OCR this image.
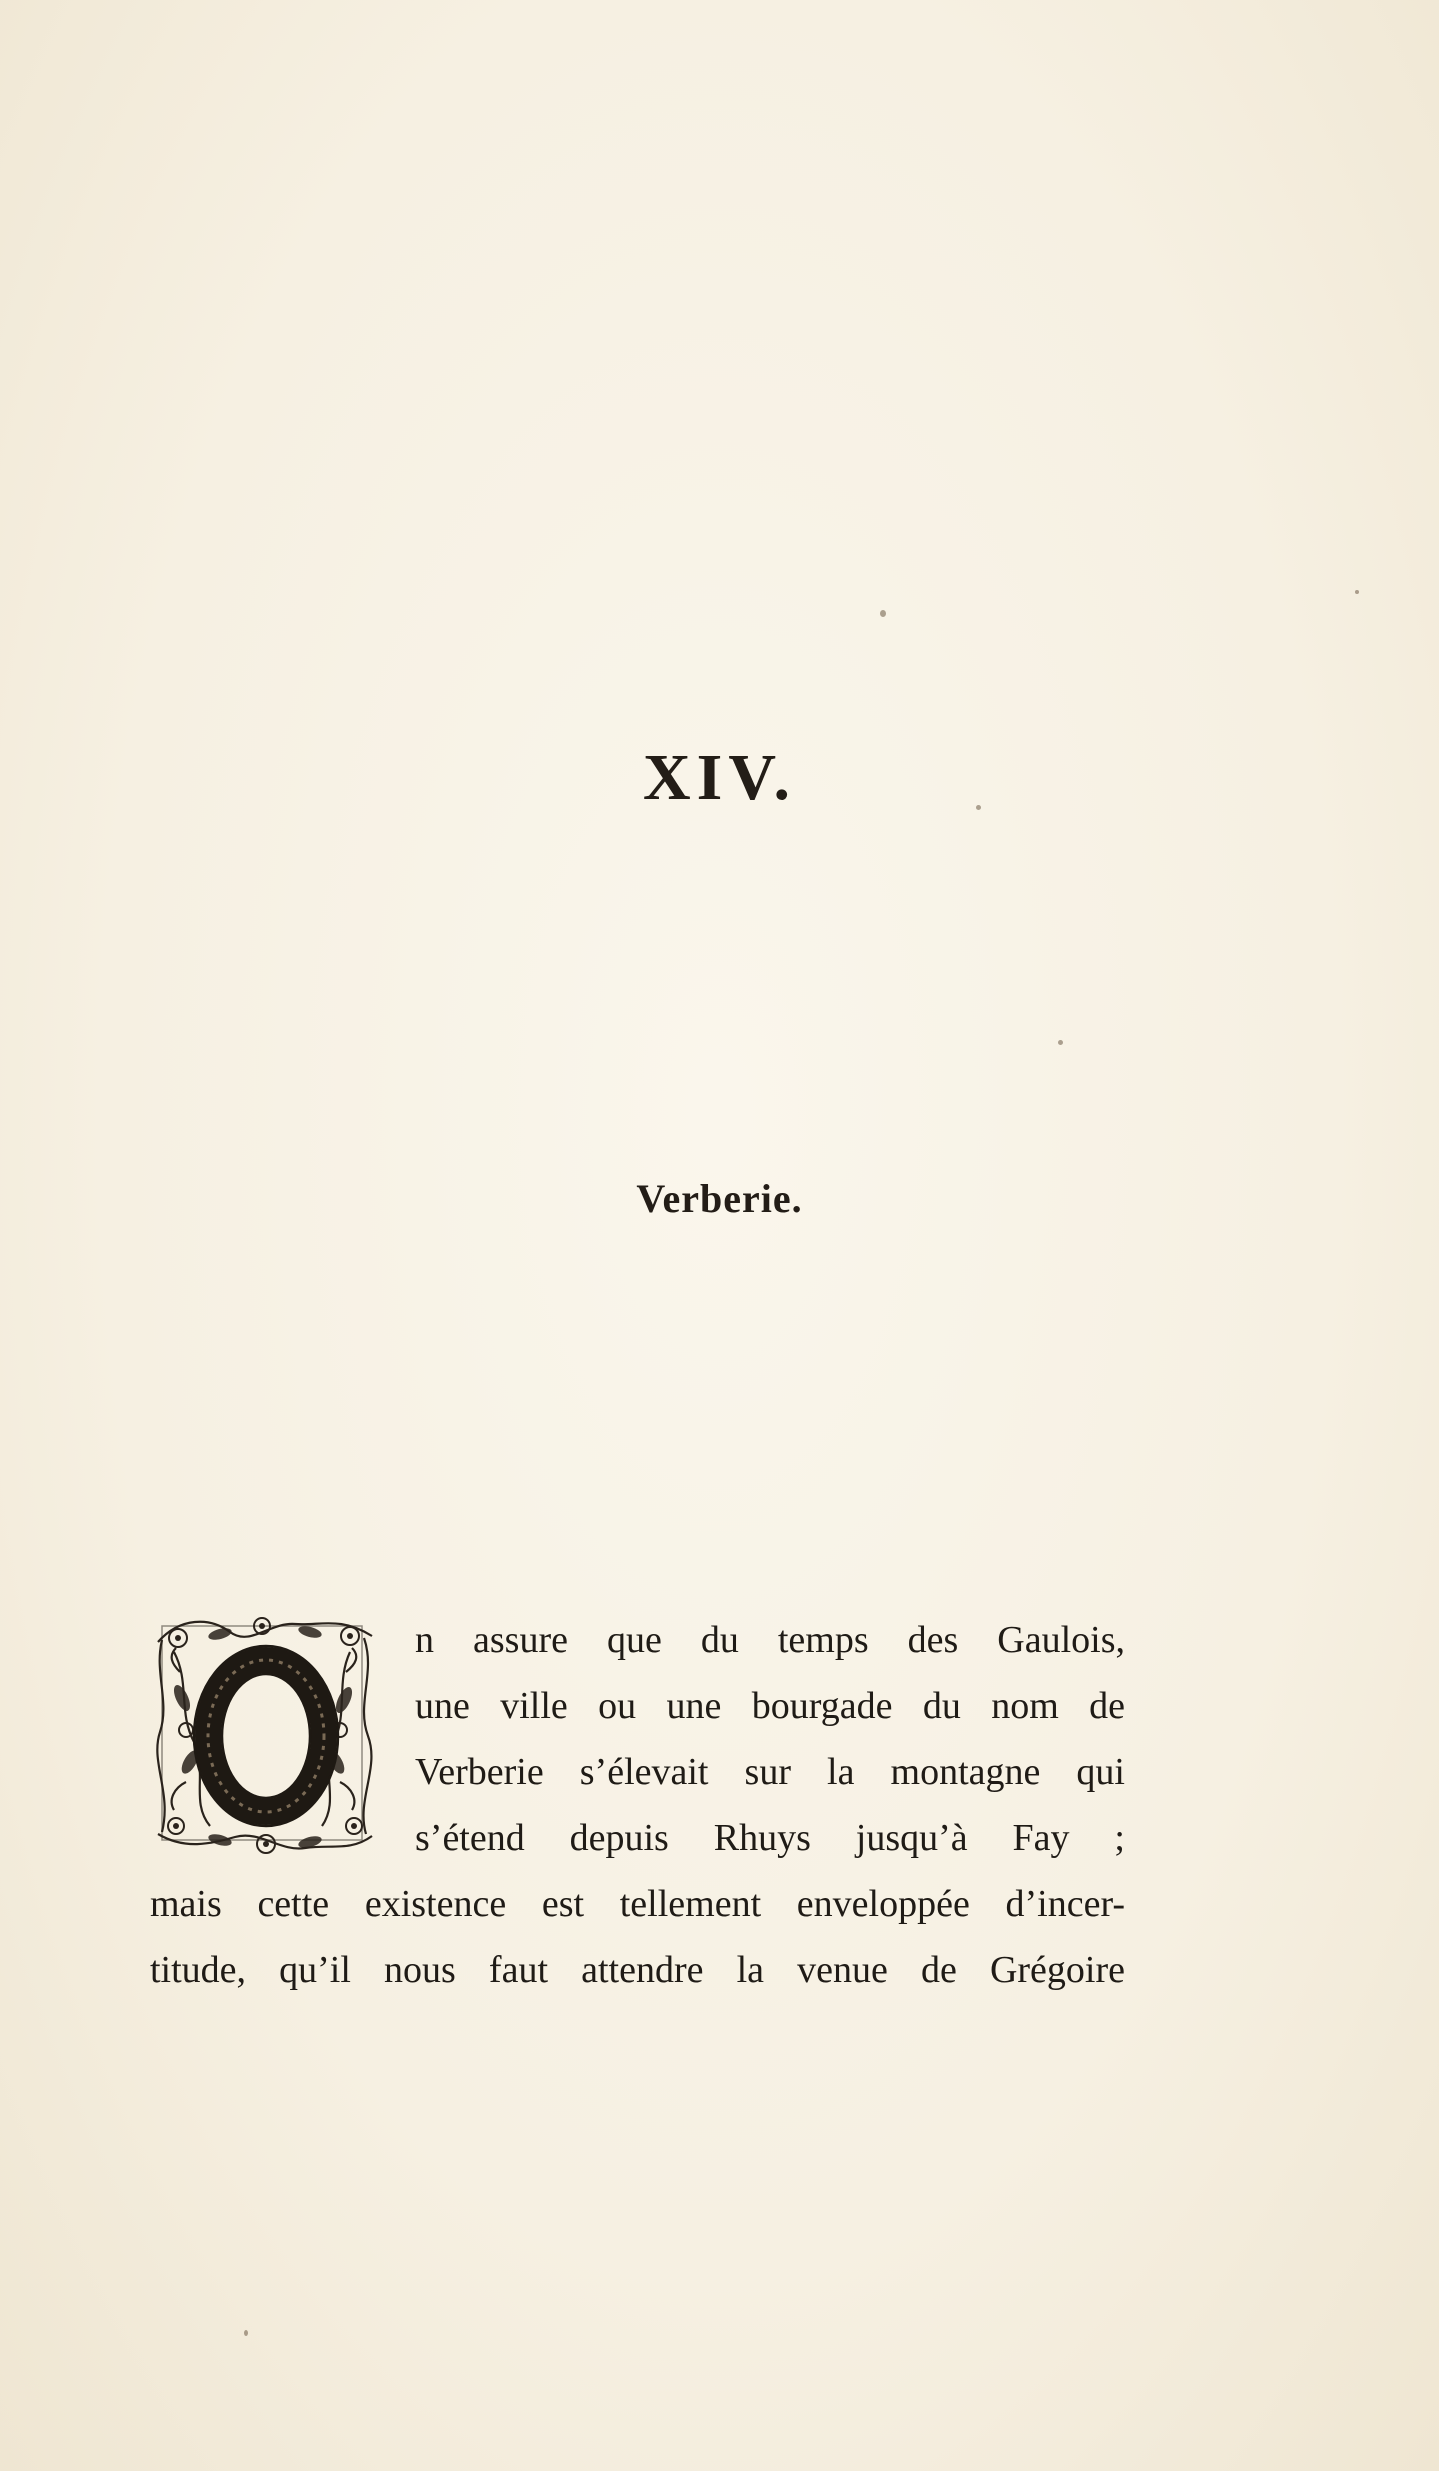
XIV.
Verberie.
n assure que du temps des Gaulois,
une ville ou une bourgade du nom de
Verberie s’élevait sur la montagne qui
s’étend depuis Rhuys jusqu’à Fay ;
mais cette existence est tellement enveloppée d’incer-
titude, qu’il nous faut attendre la venue de Grégoire
